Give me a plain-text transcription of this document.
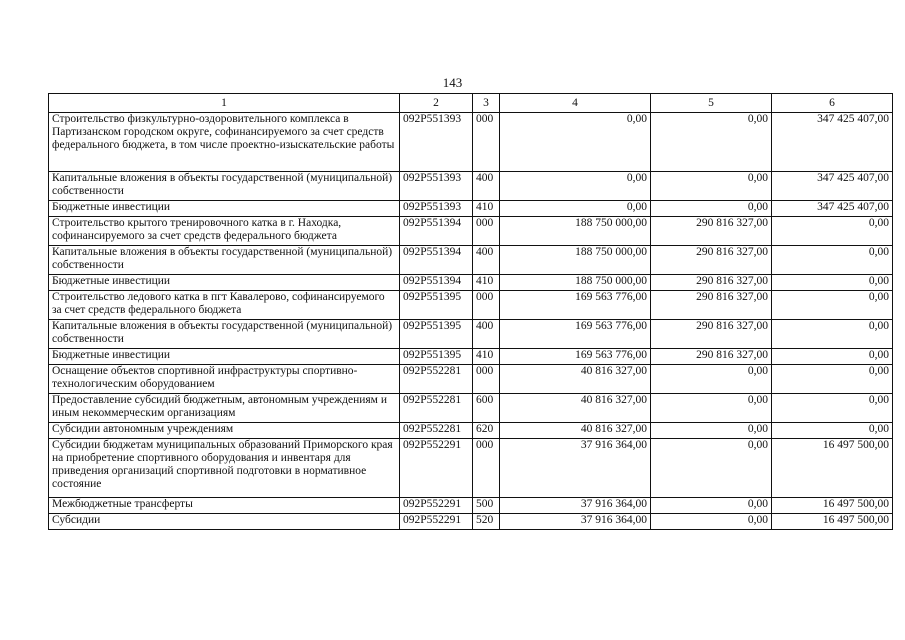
143
1	2	3	4	5	6
Строительство физкультурно-оздоровительного комплекса в Партизанском городском округе, софинансируемого за счет средств федерального бюджета, в том числе проектно-изыскательские работы	092P551393	000	0,00	0,00	347 425 407,00
Капитальные вложения в объекты государственной (муниципальной) собственности	092P551393	400	0,00	0,00	347 425 407,00
Бюджетные инвестиции	092P551393	410	0,00	0,00	347 425 407,00
Строительство крытого тренировочного катка в г. Находка, софинансируемого за счет средств федерального бюджета	092P551394	000	188 750 000,00	290 816 327,00	0,00
Капитальные вложения в объекты государственной (муниципальной) собственности	092P551394	400	188 750 000,00	290 816 327,00	0,00
Бюджетные инвестиции	092P551394	410	188 750 000,00	290 816 327,00	0,00
Строительство ледового катка в пгт Кавалерово, софинансируемого за счет средств федерального бюджета	092P551395	000	169 563 776,00	290 816 327,00	0,00
Капитальные вложения в объекты государственной (муниципальной) собственности	092P551395	400	169 563 776,00	290 816 327,00	0,00
Бюджетные инвестиции	092P551395	410	169 563 776,00	290 816 327,00	0,00
Оснащение объектов спортивной инфраструктуры спортивно-технологическим оборудованием	092P552281	000	40 816 327,00	0,00	0,00
Предоставление субсидий бюджетным, автономным учреждениям и иным некоммерческим организациям	092P552281	600	40 816 327,00	0,00	0,00
Субсидии автономным учреждениям	092P552281	620	40 816 327,00	0,00	0,00
Субсидии бюджетам муниципальных образований Приморского края на приобретение спортивного оборудования и инвентаря для приведения организаций спортивной подготовки в нормативное состояние	092P552291	000	37 916 364,00	0,00	16 497 500,00
Межбюджетные трансферты	092P552291	500	37 916 364,00	0,00	16 497 500,00
Субсидии	092P552291	520	37 916 364,00	0,00	16 497 500,00
